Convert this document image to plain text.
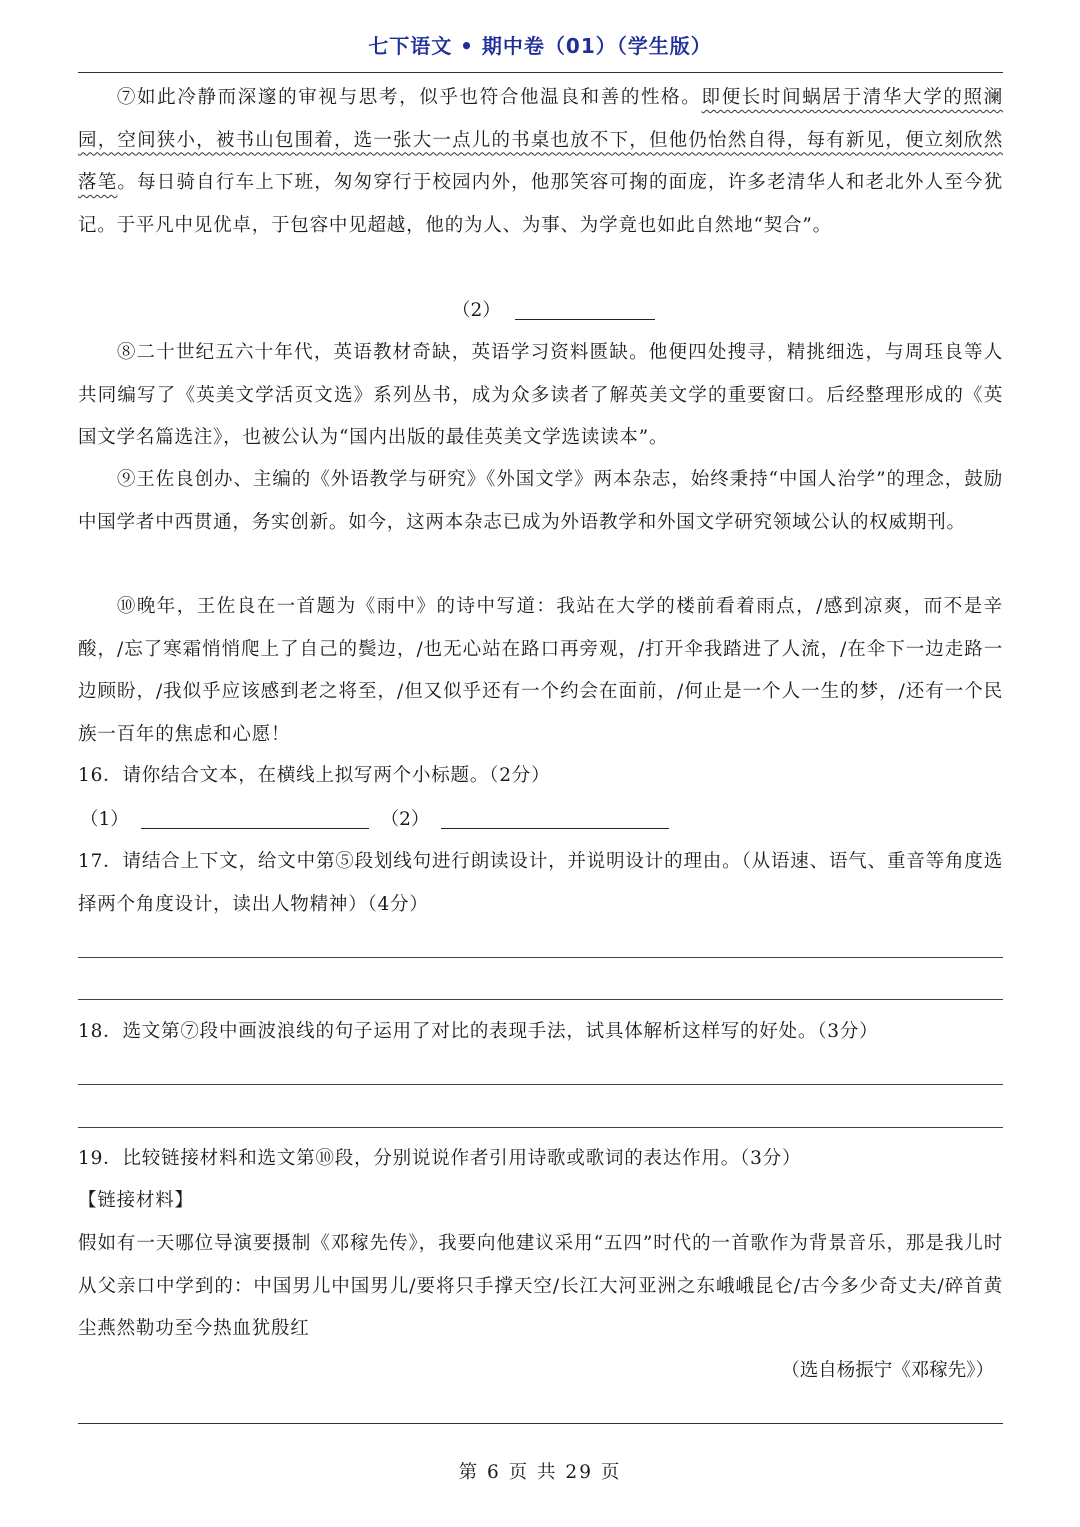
七下语文 • 期中卷（01）（学生版）

⑦如此冷静而深邃的审视与思考，似乎也符合他温良和善的性格。即便长时间蜗居于清华大学的照澜园，空间狭小，被书山包围着，选一张大一点儿的书桌也放不下，但他仍怡然自得，每有新见，便立刻欣然落笔。每日骑自行车上下班，匆匆穿行于校园内外，他那笑容可掬的面庞，许多老清华人和老北外人至今犹记。于平凡中见优卓，于包容中见超越，他的为人、为事、为学竟也如此自然地“契合”。

（2）

⑧二十世纪五六十年代，英语教材奇缺，英语学习资料匮缺。他便四处搜寻，精挑细选，与周珏良等人共同编写了《英美文学活页文选》系列丛书，成为众多读者了解英美文学的重要窗口。后经整理形成的《英国文学名篇选注》，也被公认为“国内出版的最佳英美文学选读读本”。

⑨王佐良创办、主编的《外语教学与研究》《外国文学》两本杂志，始终秉持“中国人治学”的理念，鼓励中国学者中西贯通，务实创新。如今，这两本杂志已成为外语教学和外国文学研究领域公认的权威期刊。

⑩晚年，王佐良在一首题为《雨中》的诗中写道：我站在大学的楼前看着雨点，/感到凉爽，而不是辛酸，/忘了寒霜悄悄爬上了自己的鬓边，/也无心站在路口再旁观，/打开伞我踏进了人流，/在伞下一边走路一边顾盼，/我似乎应该感到老之将至，/但又似乎还有一个约会在面前，/何止是一个人一生的梦，/还有一个民族一百年的焦虑和心愿！

16．请你结合文本，在横线上拟写两个小标题。（2分）

（1）	（2）

17．请结合上下文，给文中第⑤段划线句进行朗读设计，并说明设计的理由。（从语速、语气、重音等角度选择两个角度设计，读出人物精神）（4分）

18．选文第⑦段中画波浪线的句子运用了对比的表现手法，试具体解析这样写的好处。（3分）

19．比较链接材料和选文第⑩段，分别说说作者引用诗歌或歌词的表达作用。（3分）

【链接材料】

假如有一天哪位导演要摄制《邓稼先传》，我要向他建议采用“五四”时代的一首歌作为背景音乐，那是我儿时从父亲口中学到的：中国男儿中国男儿/要将只手撑天空/长江大河亚洲之东峨峨昆仑/古今多少奇丈夫/碎首黄尘燕然勒功至今热血犹殷红

（选自杨振宁《邓稼先》）
第 6 页 共 29 页
